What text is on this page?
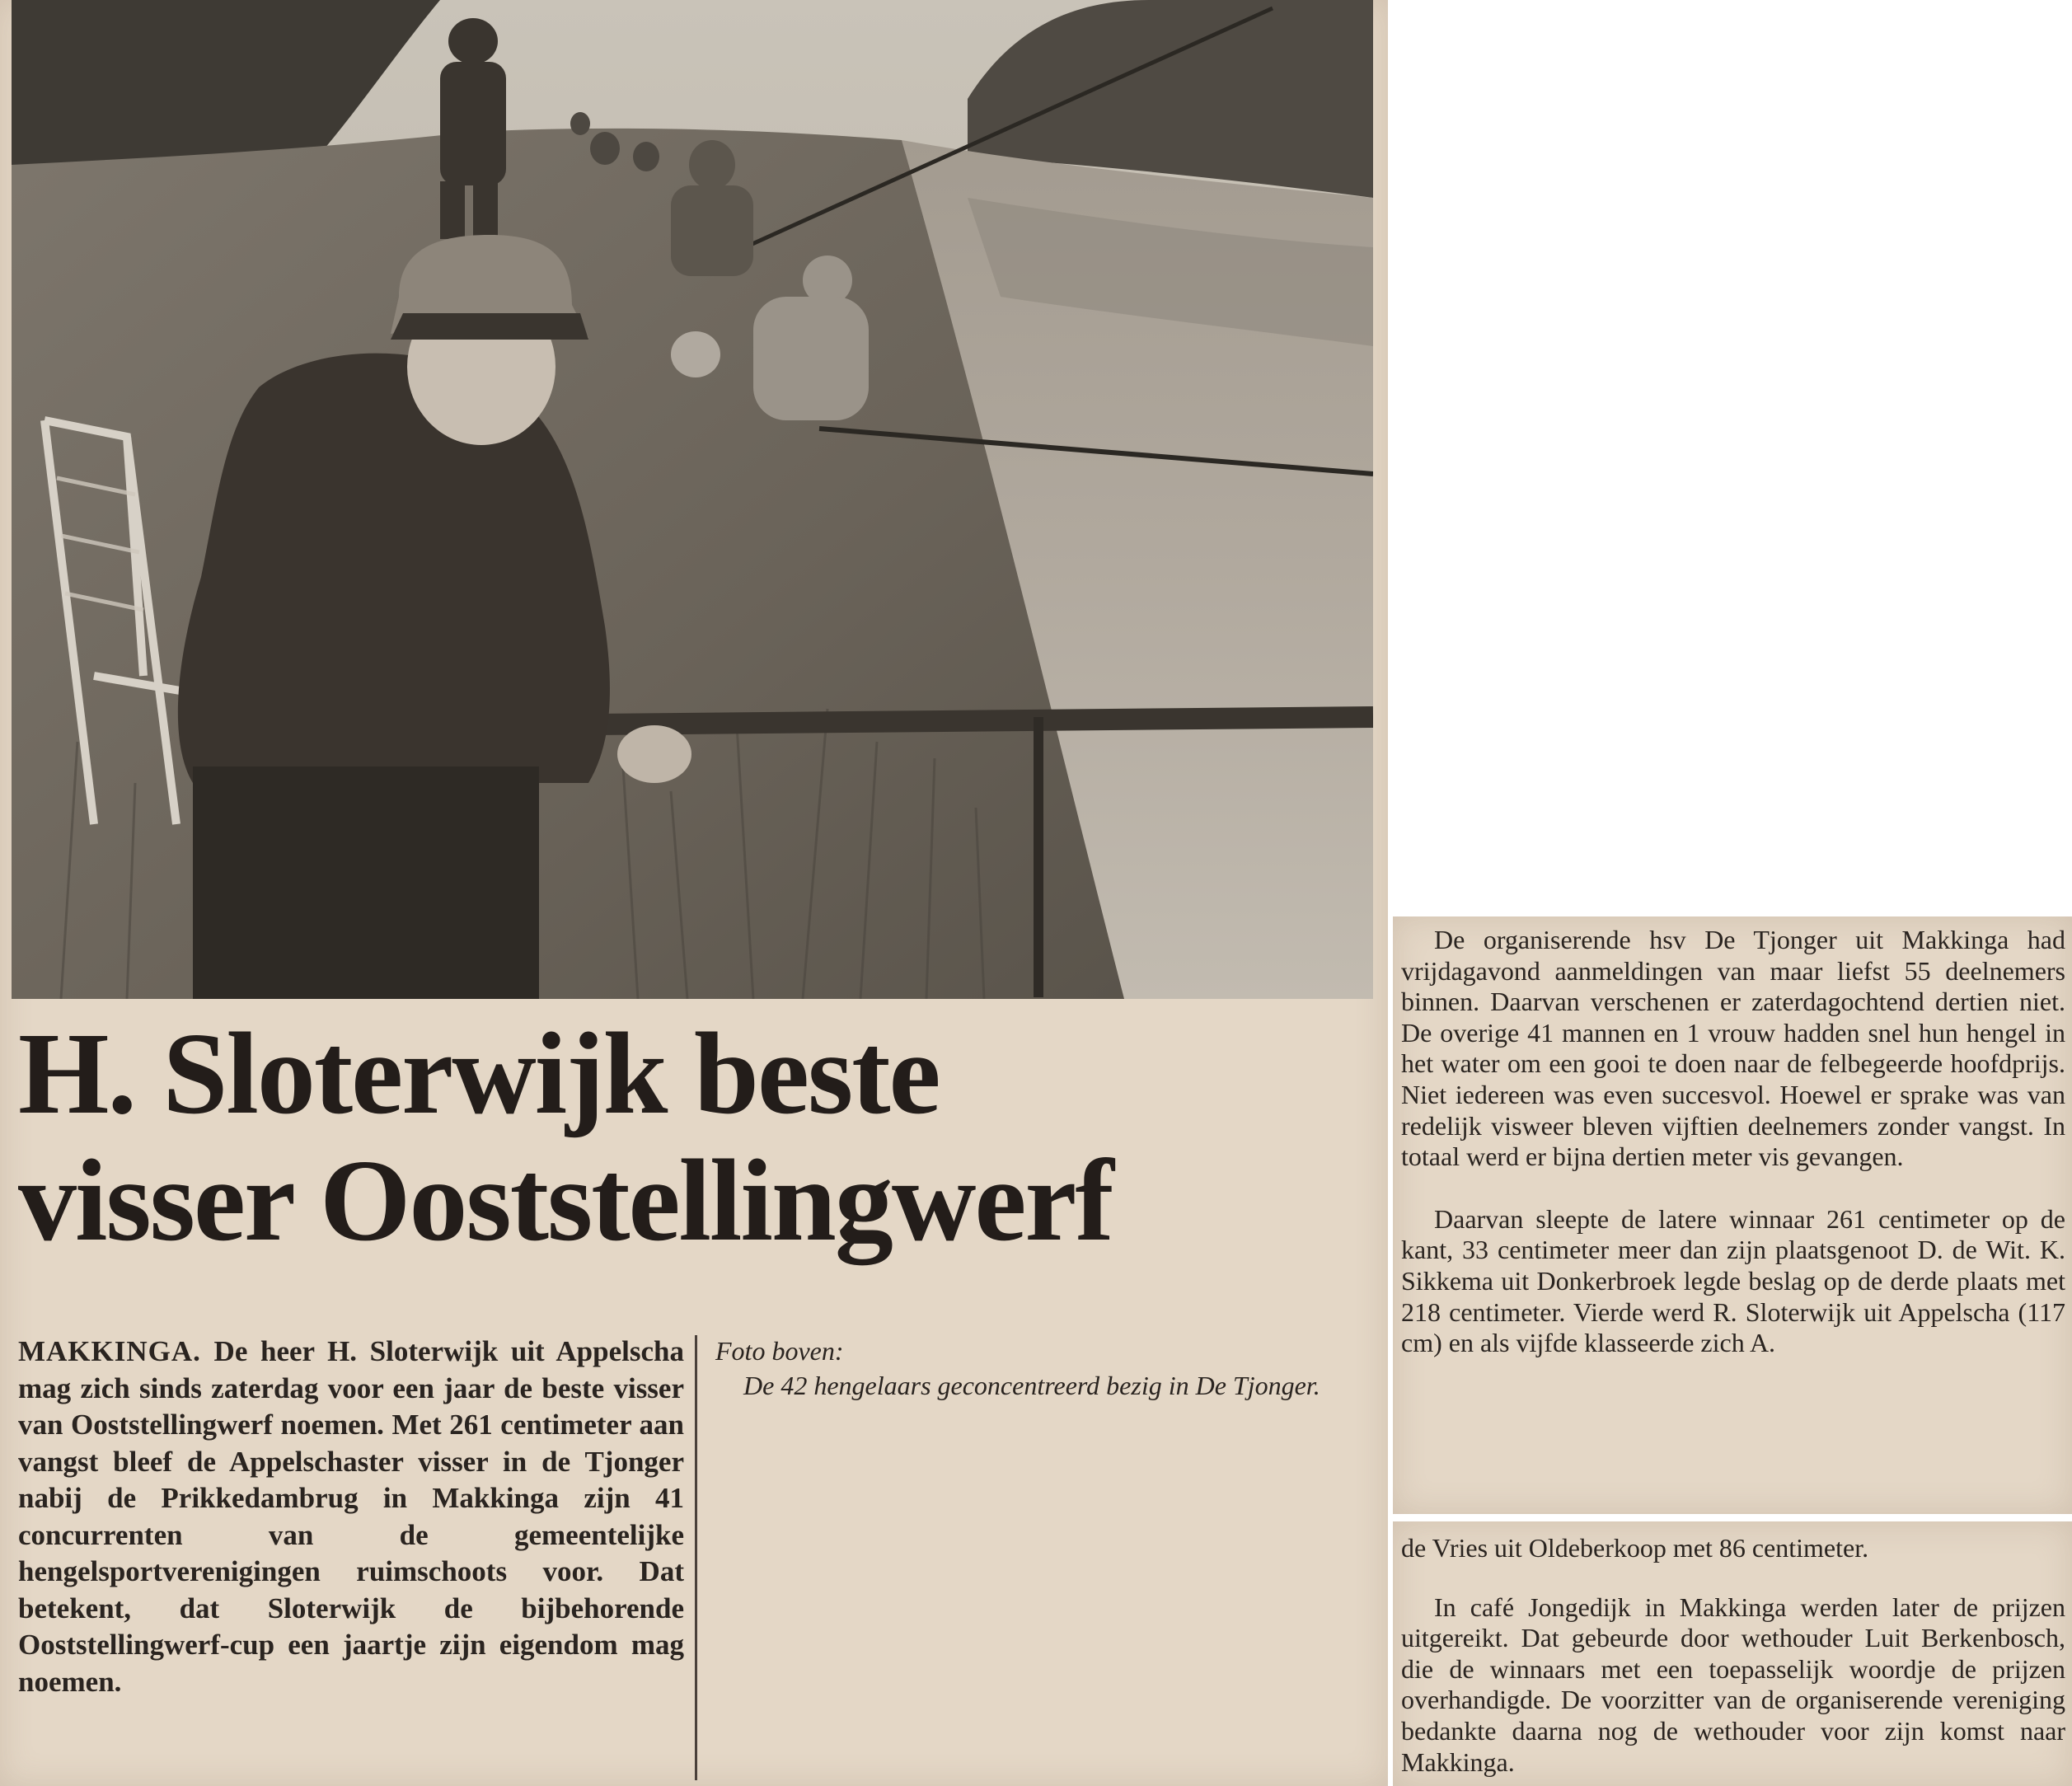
H. Sloterwijk beste
visser Ooststellingwerf

MAKKINGA. De heer H. Sloterwijk uit Appelscha mag zich sinds zaterdag voor een jaar de beste visser van Ooststellingwerf noemen. Met 261 centimeter aan vangst bleef de Appelschaster visser in de Tjonger nabij de Prikkedambrug in Makkinga zijn 41 concurrenten van de gemeentelijke hengelsportverenigingen ruimschoots voor. Dat betekent, dat Sloterwijk de bijbehorende Ooststellingwerf-cup een jaartje zijn eigendom mag noemen.

Foto boven:
De 42 hengelaars geconcentreerd bezig in De Tjonger.

De organiserende hsv De Tjonger uit Makkinga had vrijdagavond aanmeldingen van maar liefst 55 deelnemers binnen. Daarvan verschenen er zaterdagochtend dertien niet. De overige 41 mannen en 1 vrouw hadden snel hun hengel in het water om een gooi te doen naar de felbegeerde hoofdprijs. Niet iedereen was even succesvol. Hoewel er sprake was van redelijk visweer bleven vijftien deelnemers zonder vangst. In totaal werd er bijna dertien meter vis gevangen.

Daarvan sleepte de latere winnaar 261 centimeter op de kant, 33 centimeter meer dan zijn plaatsgenoot D. de Wit. K. Sikkema uit Donkerbroek legde beslag op de derde plaats met 218 centimeter. Vierde werd R. Sloterwijk uit Appelscha (117 cm) en als vijfde klasseerde zich A.

de Vries uit Oldeberkoop met 86 centimeter.

In café Jongedijk in Makkinga werden later de prijzen uitgereikt. Dat gebeurde door wethouder Luit Berkenbosch, die de winnaars met een toepasselijk woordje de prijzen overhandigde. De voorzitter van de organiserende vereniging bedankte daarna nog de wethouder voor zijn komst naar Makkinga.
